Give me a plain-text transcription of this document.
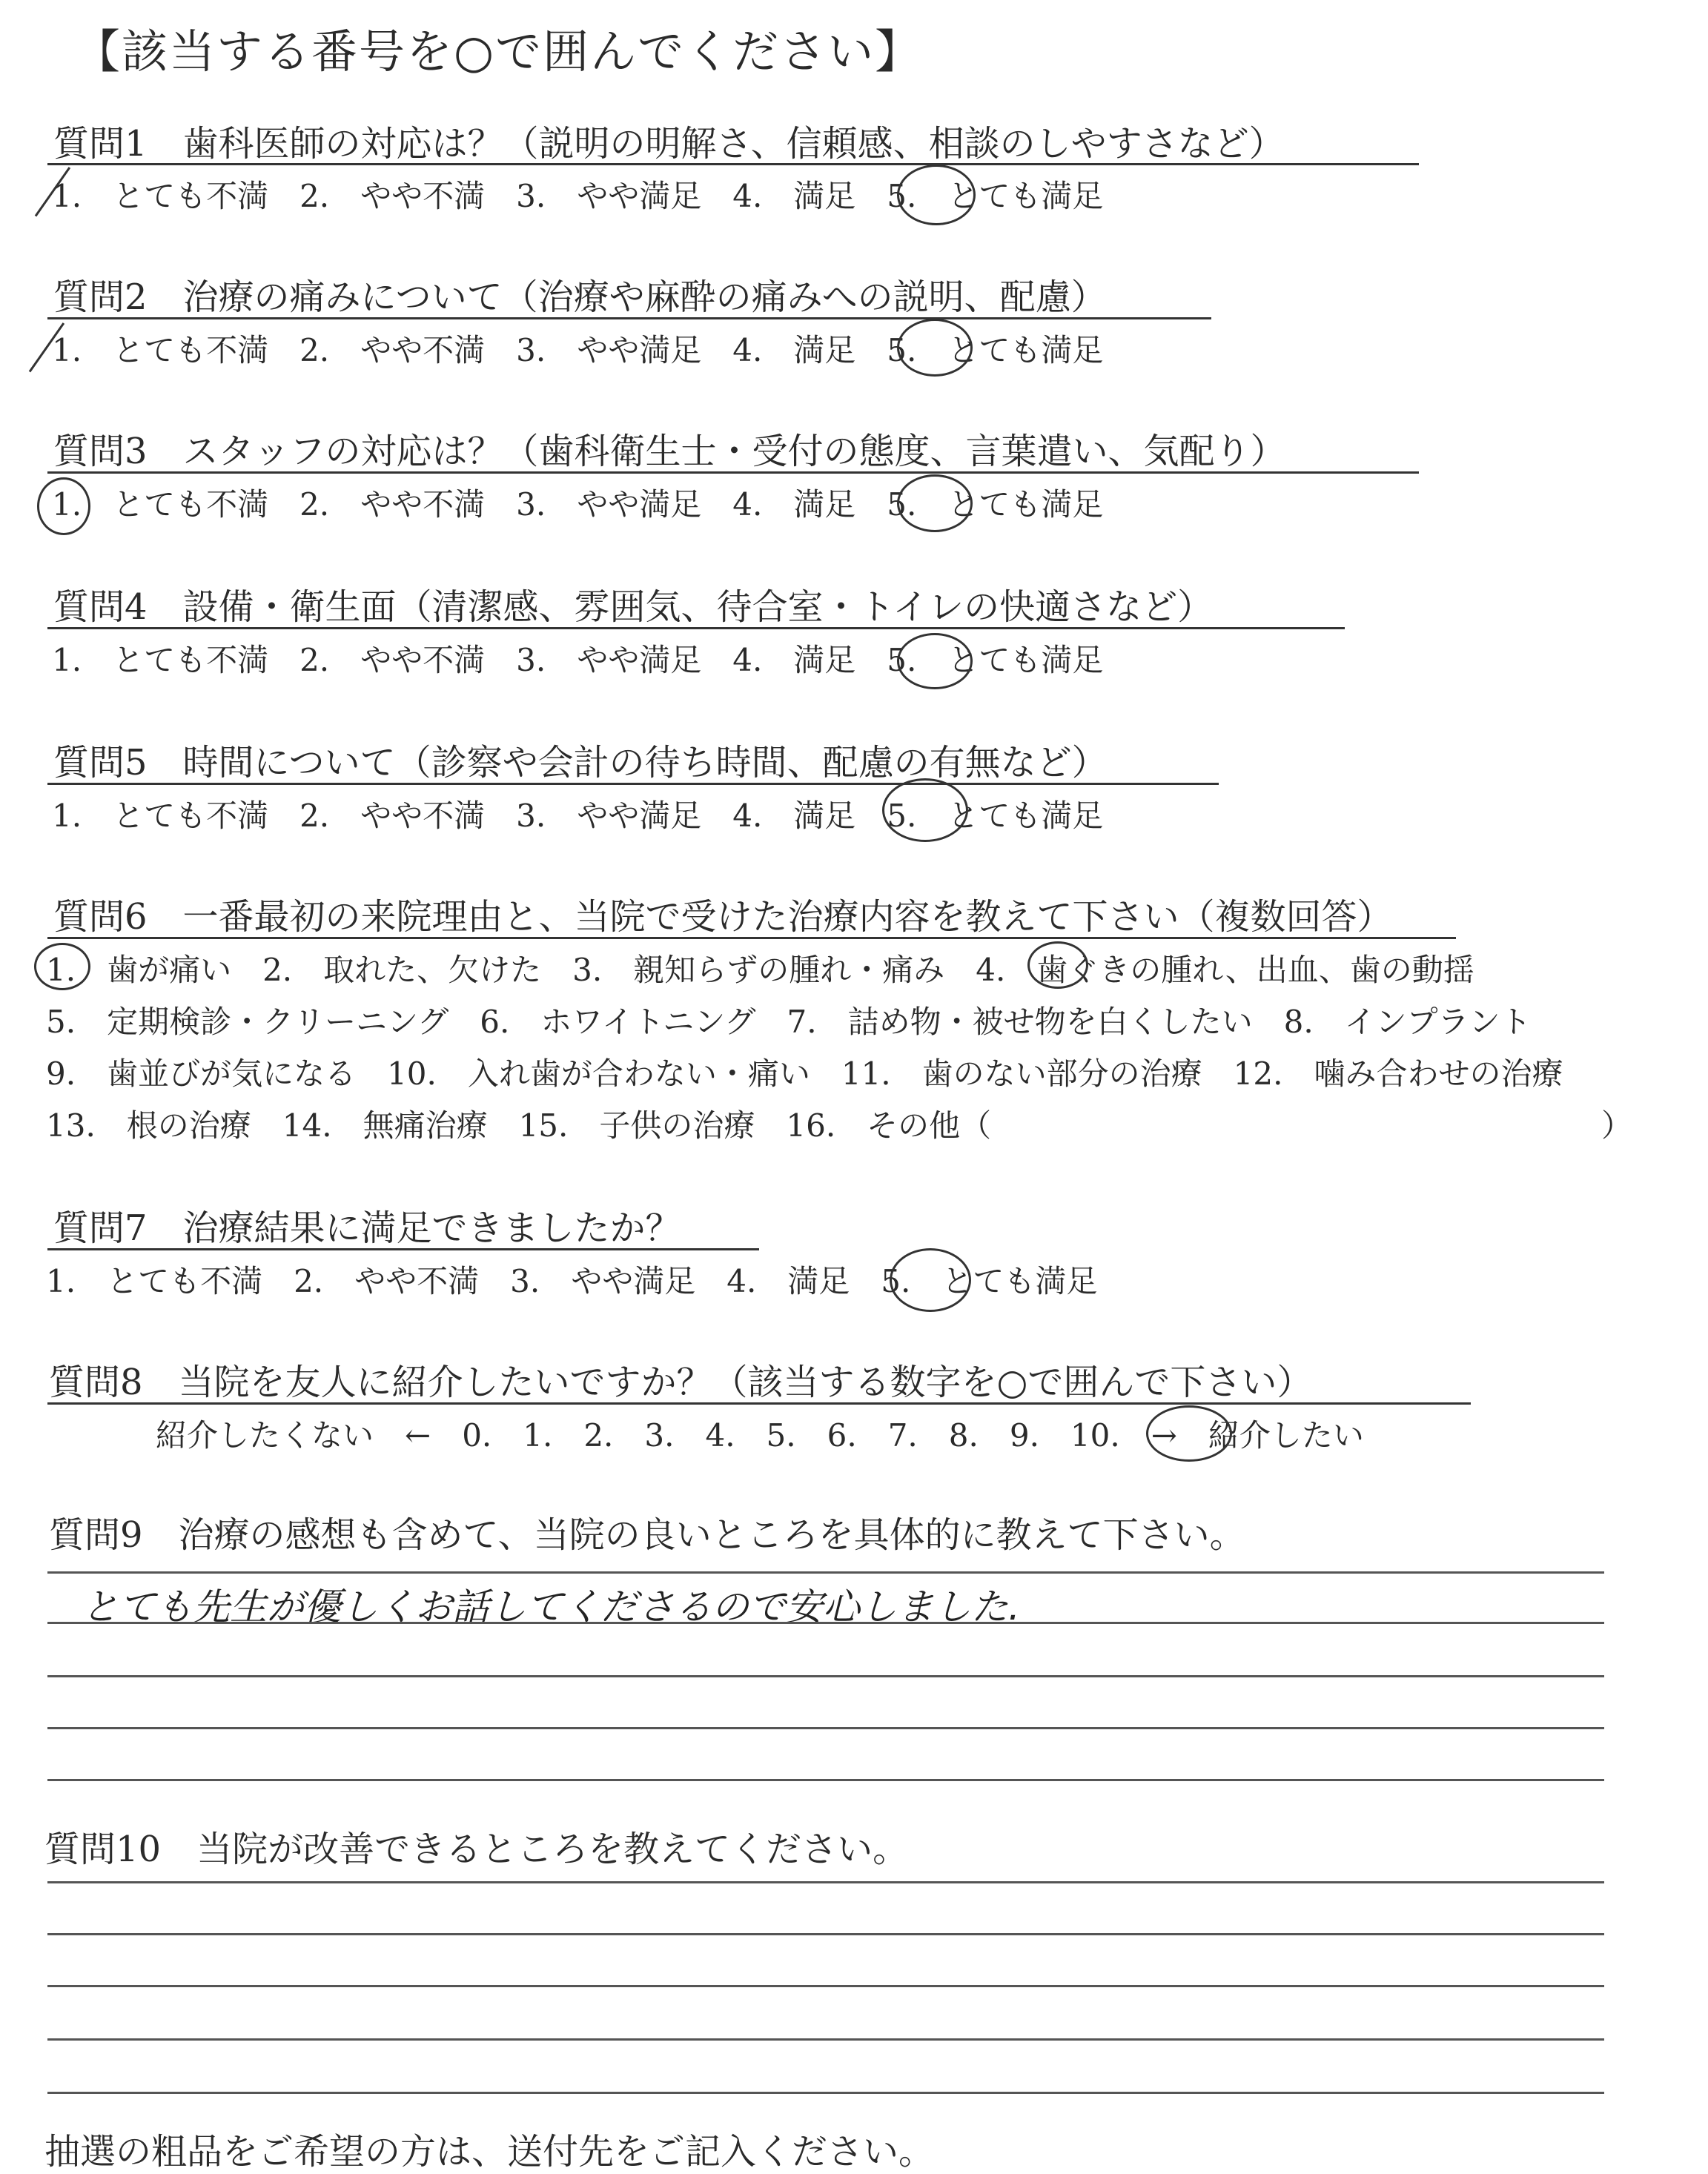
【該当する番号を○で囲んでください】
質問1　歯科医師の対応は？（説明の明解さ、信頼感、相談のしやすさなど）
1.　とても不満　2.　やや不満　3.　やや満足　4.　満足　5.　とても満足
質問2　治療の痛みについて（治療や麻酔の痛みへの説明、配慮）
1.　とても不満　2.　やや不満　3.　やや満足　4.　満足　5.　とても満足
質問3　スタッフの対応は？（歯科衛生士・受付の態度、言葉遣い、気配り）
1.　とても不満　2.　やや不満　3.　やや満足　4.　満足　5.　とても満足
質問4　設備・衛生面（清潔感、雰囲気、待合室・トイレの快適さなど）
1.　とても不満　2.　やや不満　3.　やや満足　4.　満足　5.　とても満足
質問5　時間について（診察や会計の待ち時間、配慮の有無など）
1.　とても不満　2.　やや不満　3.　やや満足　4.　満足　5.　とても満足
質問6　一番最初の来院理由と、当院で受けた治療内容を教えて下さい（複数回答）
1.　歯が痛い　2.　取れた、欠けた　3.　親知らずの腫れ・痛み　4.　歯ぐきの腫れ、出血、歯の動揺
5.　定期検診・クリーニング　6.　ホワイトニング　7.　詰め物・被せ物を白くしたい　8.　インプラント
9.　歯並びが気になる　10.　入れ歯が合わない・痛い　11.　歯のない部分の治療　12.　噛み合わせの治療
13.　根の治療　14.　無痛治療　15.　子供の治療　16.　その他（	）
質問7　治療結果に満足できましたか？
1.　とても不満　2.　やや不満　3.　やや満足　4.　満足　5.　とても満足
質問8　当院を友人に紹介したいですか？（該当する数字を○で囲んで下さい）
紹介したくない　←　0.　1.　2.　3.　4.　5.　6.　7.　8.　9.　10.　→　紹介したい
質問9　治療の感想も含めて、当院の良いところを具体的に教えて下さい。
とても先生が優しくお話してくださるので安心しました.
質問10　当院が改善できるところを教えてください。
抽選の粗品をご希望の方は、送付先をご記入ください。
